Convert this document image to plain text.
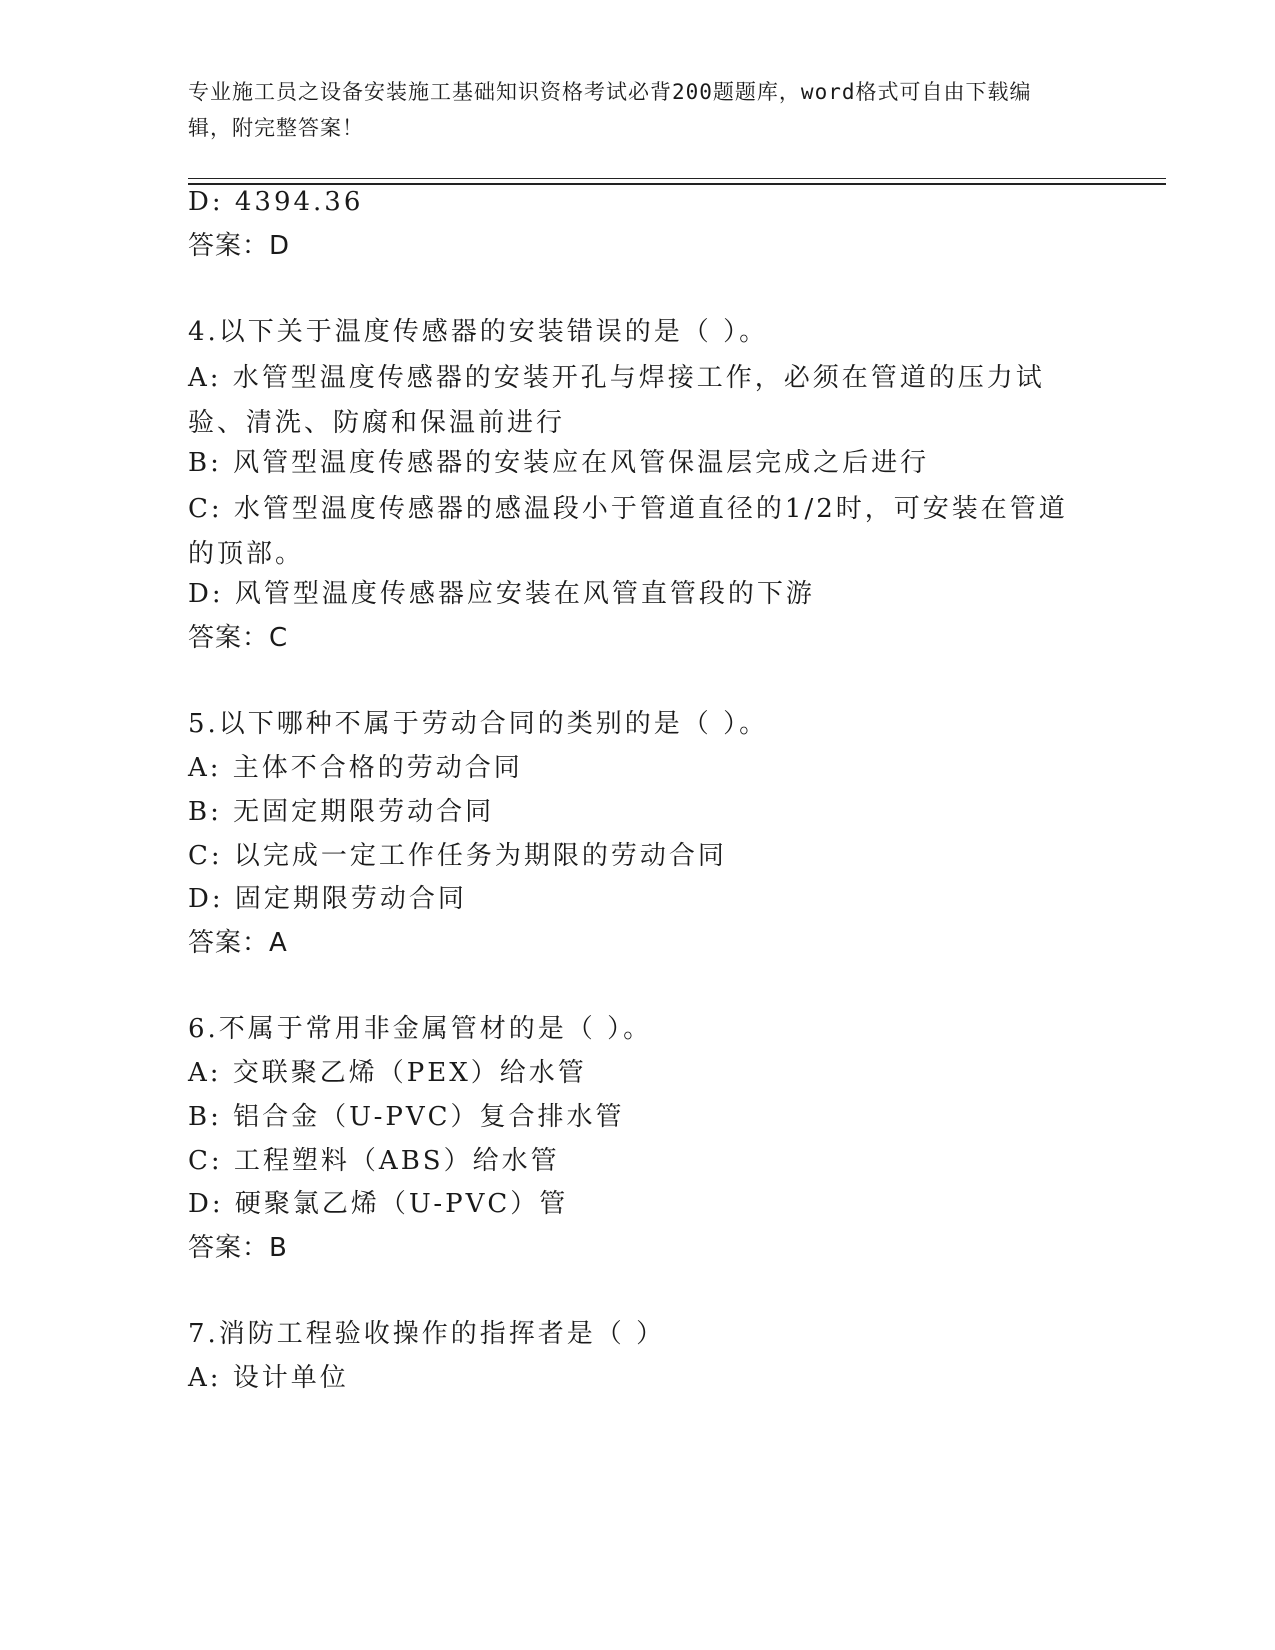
专业施工员之设备安装施工基础知识资格考试必背200题题库，word格式可自由下载编辑，附完整答案！
D: 4394.36
答案：D
4.以下关于温度传感器的安装错误的是（ ）。
A: 水管型温度传感器的安装开孔与焊接工作，必须在管道的压力试验、清洗、防腐和保温前进行
B: 风管型温度传感器的安装应在风管保温层完成之后进行
C: 水管型温度传感器的感温段小于管道直径的1/2时，可安装在管道的顶部。
D: 风管型温度传感器应安装在风管直管段的下游
答案：C
5.以下哪种不属于劳动合同的类别的是（ ）。
A: 主体不合格的劳动合同
B: 无固定期限劳动合同
C: 以完成一定工作任务为期限的劳动合同
D: 固定期限劳动合同
答案：A
6.不属于常用非金属管材的是（ ）。
A: 交联聚乙烯（PEX）给水管
B: 铝合金（U-PVC）复合排水管
C: 工程塑料（ABS）给水管
D: 硬聚氯乙烯（U-PVC）管
答案：B
7.消防工程验收操作的指挥者是（ ）
A: 设计单位
